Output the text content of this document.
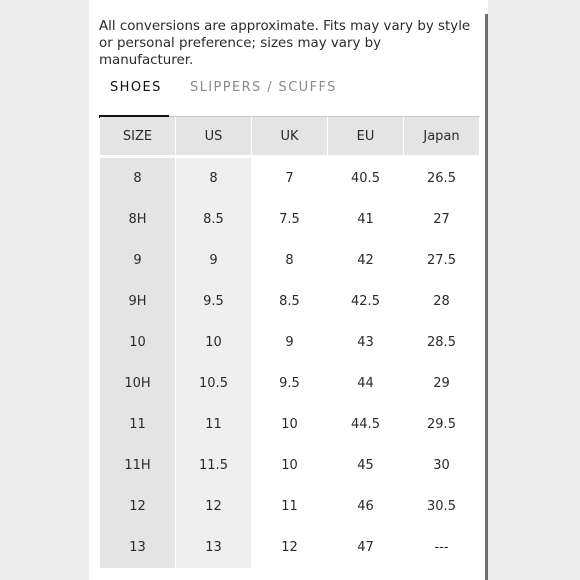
All conversions are approximate. Fits may vary by style or personal preference; sizes may vary by manufacturer.

SHOES SLIPPERS / SCUFFS
SIZE	US	UK	EU	Japan
8	8	7	40.5	26.5
8H	8.5	7.5	41	27
9	9	8	42	27.5
9H	9.5	8.5	42.5	28
10	10	9	43	28.5
10H	10.5	9.5	44	29
11	11	10	44.5	29.5
11H	11.5	10	45	30
12	12	11	46	30.5
13	13	12	47	---
